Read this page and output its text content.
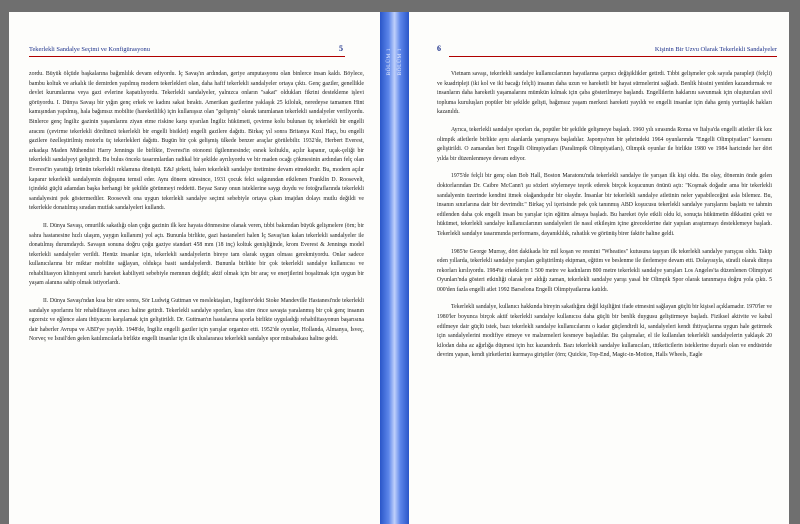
Tekerlekli Sandalye Seçimi ve Konfigürasyonu	5

zordu. Büyük ölçüde başkalarına bağımlılık devam ediyordu. İç Savaş'ın ardından, geriye amputasyonu olan binlerce insan kaldı. Böylece, bambu koltuk ve arkalık ile demirden yapılmış modern tekerlekleri olan, daha hafif tekerlekli sandalyeler ortaya çıktı. Genç gaziler, genellikle devlet kurumlarına veya gazi evlerine kapatılıyordu. Tekerlekli sandalyeler, yalnızca onların "sakat" oldukları fikrini destekleme işlevi görüyordu. I. Dünya Savaşı bir yığın genç erkek ve kadını sakat bıraktı. Amerikan gazilerine yaklaşık 25 kiloluk, neredeyse tamamen Hint kamışından yapılmış, hala bağımsız mobilite (hareketlilik) için kullanışsız olan "gelişmiş" olarak tanımlanan tekerlekli sandalyeler veriliyordu. Binlerce genç İngiliz gazinin yaşamlarını ziyan etme riskine karşı uyarılan İngiliz hükümeti, çevirme kolu bulunan üç tekerlekli bir engelli aracını (çevirme tekerlekli dördüncü tekerlekli bir engelli bisiklet) engelli gazilere dağıttı. Birkaç yıl sonra Britanya Kızıl Haçı, bu engelli gazilere özelleştirilmiş motorlu üç tekerlekleri dağıttı. Bugün bir çok gelişmiş ülkede benzer araçlar görülebilir. 1932'de, Herbert Everest, arkadaşı Maden Mühendisi Harry Jennings ile birlikte, Everest'in otonomi ilgilenmesinde; esnek koltuklu, açılır kapanır, uçak-çeliği bir tekerlekli sandalyeyi geliştirdi. Bu bulus öncekı tasarımlardan radikal bir şekilde ayrılıyordu ve bir maden ocağı çökmesinin ardından felç olan Everest'in yarattığı ürünün tekerlekli reklamına dönüştü. E&J şirketi, halen tekerlekli sandalye üretimine devam etmektedir. Bu, modern açılır kapanır tekerlekli sandalyenin doğuşunu temsil eder. Aynı dönem süresince, 1931 çocuk felci salgınından etkilenen Franklin D. Roosevelt, içindeki güçlü adamdan başka herhangi bir şekilde görünmeyi reddetti. Beyaz Saray onun isteklerine saygı duydu ve fotoğraflarında tekerlekli sandalyesini pek göstermediler. Roosevelt ona uygun tekerlekli sandalye seçimi sebebiyle ortaya çıkan imajdan dolayı mutlu değildi ve tekerlekle donatılmış sıradan mutfak sandalyeleri kullandı.

II. Dünya Savaşı, omurilik sakatlığı olan çoğu gazinin ilk kez hayata dönmesine olanak veren, tıbbi bakımdan büyük gelişmelere (örn; bir sahra hastanesine hızlı ulaşım, yaygın kullanım) yol açtı. Bununla birlikte, gazi hastaneleri halen İç Savaş'tan kalan tekerlekli sandalyeler ile donatılmış durumdaydı. Savaşın sonuna doğru çoğu gaziye standart 458 mm (18 inç) koltuk genişliğinde, krom Everest & Jennings model tekerlekli sandalyeler verildi. Henüz insanlar için, tekerlekli sandalyelerin bireye tam olarak uygun olması gerekmiyordu. Onlar sadece kullanıcılarına bir miktar mobilite sağlayan, oldukça basit sandalyelerdi. Bununla birlikte bir çok tekerlekli sandalye kullanıcısı ve rehabilitasyon klinisyeni sınırlı hareket kabiliyeti sebebiyle memnun değildi; aktif olmak için bir araç ve enerjilerini boşaltmak için uygun bir yaşam alanına sahip olmak istiyorlardı.

II. Dünya Savaşı'ndan kısa bir süre sonra, Sör Ludwig Guttman ve meslektaşları, İngiltere'deki Stoke Mandeville Hastanesi'nde tekerlekli sandalye sporlarını bir rehabilitasyon aracı haline getirdi. Tekerlekli sandalye sporları, kısa süre önce savaşta yaralanmış bir çok genç insanın egzersiz ve eğlence alanı ihtiyacını karşılamak için geliştirildi. Dr. Guttman'ın hastalarına sporla birlikte uyguladığı rehabilitasyonun başarısına dair haberler Avrupa ve ABD'ye yayıldı. 1948'de, İngiliz engelli gaziler için yarışlar organize etti. 1952'de oyunlar, Hollanda, Almanya, İsveç, Norveç ve İsrail'den gelen katılımcılarla birlikte engelli insanlar için ilk uluslararası tekerlekli sandalye spor müsabakası haline geldi.

BÖLÜM 1 BÖLÜM 1	6	Kişinin Bir Uzvu Olarak Tekerlekli Sandalyeler

Vietnam savaşı, tekerlekli sandalye kullanıcılarının hayatlarına çarpıcı değişiklikler getirdi. Tıbbi gelişmeler çok sayıda parapleji (felçli) ve kuadripleji (iki kol ve iki bacağı felçli) insanın daha uzun ve hareketli bir hayat sürmelerini sağladı. Benlik hissini yeniden kazandırmak ve insanların daha hareketli yaşamalarını mümkün kılmak için çaba gösterilmeye başlandı. Engellilerin haklarını savunmak için oluşturulan sivil topluma kuruluşları popüler bir şekilde gelişti, bağımsız yaşam merkezi hareketi yayıldı ve engelli insanlar için daha geniş yurttaşlık hakları kazanıldı.

Ayrıca, tekerlekli sandalye sporları da, popüler bir şekilde gelişmeye başladı. 1960 yılı sırasında Roma ve İtalya'da engelli atletler ilk kez olimpik atletlerle birlikte aynı alanlarda yarışmaya başladılar. Japonya'nın bir şehrindeki 1964 oyunlarında "Engelli Olimpiyatları" kavramı geliştirildi. O zamandan beri Engelli Olimpiyatları (Paralimpik Olimpiyatları), Olimpik oyunlar ile birlikte 1980 ve 1984 haricinde her dört yılda bir düzenlenmeye devam ediyor.

1975'de felçli bir genç olan Bob Hall, Boston Maratonu'nda tekerlekli sandalye ile yarışan ilk kişi oldu. Bu olay, dönemin önde gelen doktorlarından Dr. Caibre McCann'i şu sözleri söylemeye teşvik ederek birçok koşucunun önünü açtı: "Koşmak doğadır ama bir tekerlekli sandalyenin üzerinde kendini itmek olağandışıdır bir olaydır. İnsanlar bir tekerlekli sandalye atletinin neler yapabileceğini asla bilemez. Bu, insanın sınırlarına dair bir devrimdir." Birkaç yıl içerisinde pek çok tanınmış ABD koşucusu tekerlekli sandalye yarışlarını başlattı ve tahmin edilenden daha çok engelli insan bu yarışlar için eğitim almaya başladı. Bu hareket öyle etkili oldu ki, sonuçta hükümetin dikkatini çekti ve hükümet, tekerlekli sandalye kullanıcılarının sandalyeleri ile nasıl etkileşim içine gireceklerine dair yapılan araştırmayı desteklemeye başladı. Tekerlekli sandalye tasarımında performans, dayanıklılık, rahatlık ve görünüş birer faktör haline geldi.

1985'te George Murray, dört dakikada bir mil koşan ve resmini "Wheaties" kutusuna taşıyan ilk tekerlekli sandalye yarışçısı oldu. Takip eden yıllarda, tekerlekli sandalye yarışları geliştirilmiş ekipman, eğitim ve beslenme ile ilerlemeye devam etti. Dolayısıyla, süratli olarak dünya rekorları kırılıyordu. 1984'te erkeklerin 1 500 metre ve kadınların 800 metre tekerlekli sandalye yarışları Los Angeles'ta düzenlenen Olimpiyat Oyunları'nda gösteri etkinliği olarak yer aldığı zaman, tekerlekli sandalye yarışı yasal bir Olimpik Spor olarak tanınmaya doğru yola çıktı. 5 000'den fazla engelli atlet 1992 Barselona Engelli Olimpiyatlarına katıldı.

Tekerlekli sandalye, kullanıcı hakkında bireyin sakatlığını değil kişiliğini ifade etmesini sağlayan güçlü bir kişisel açıklamadır. 1970'ler ve 1980'ler boyunca birçok aktif tekerlekli sandalye kullanıcısı daha güçlü bir benlik duygusu geliştirmeye başladı. Fiziksel aktivite ve kabul edilmeye dair güçlü istek, bazı tekerlekli sandalye kullanıcılarını o kadar güçlendirdi ki, sandalyeleri kendi ihtiyaçlarına uygun hale getirmek için sandalyelerini modifiye etmeye ve malzemeleri kesmeye başladılar. Bu çalışmalar, el ile kullanılan tekerlekli sandalyelerin yaklaşık 20 kilodan daha az ağırlığa düşmesi için hız kazandırdı. Bazı tekerlekli sandalye kullanıcıları, titiketicilerin isteklerine duyarlı olan ve endüstride devrim yapan, kendi şirketlerini kurmaya giriştiler (örn; Quickie, Top-End, Magic-in-Motion, Halls Wheels, Eagle
